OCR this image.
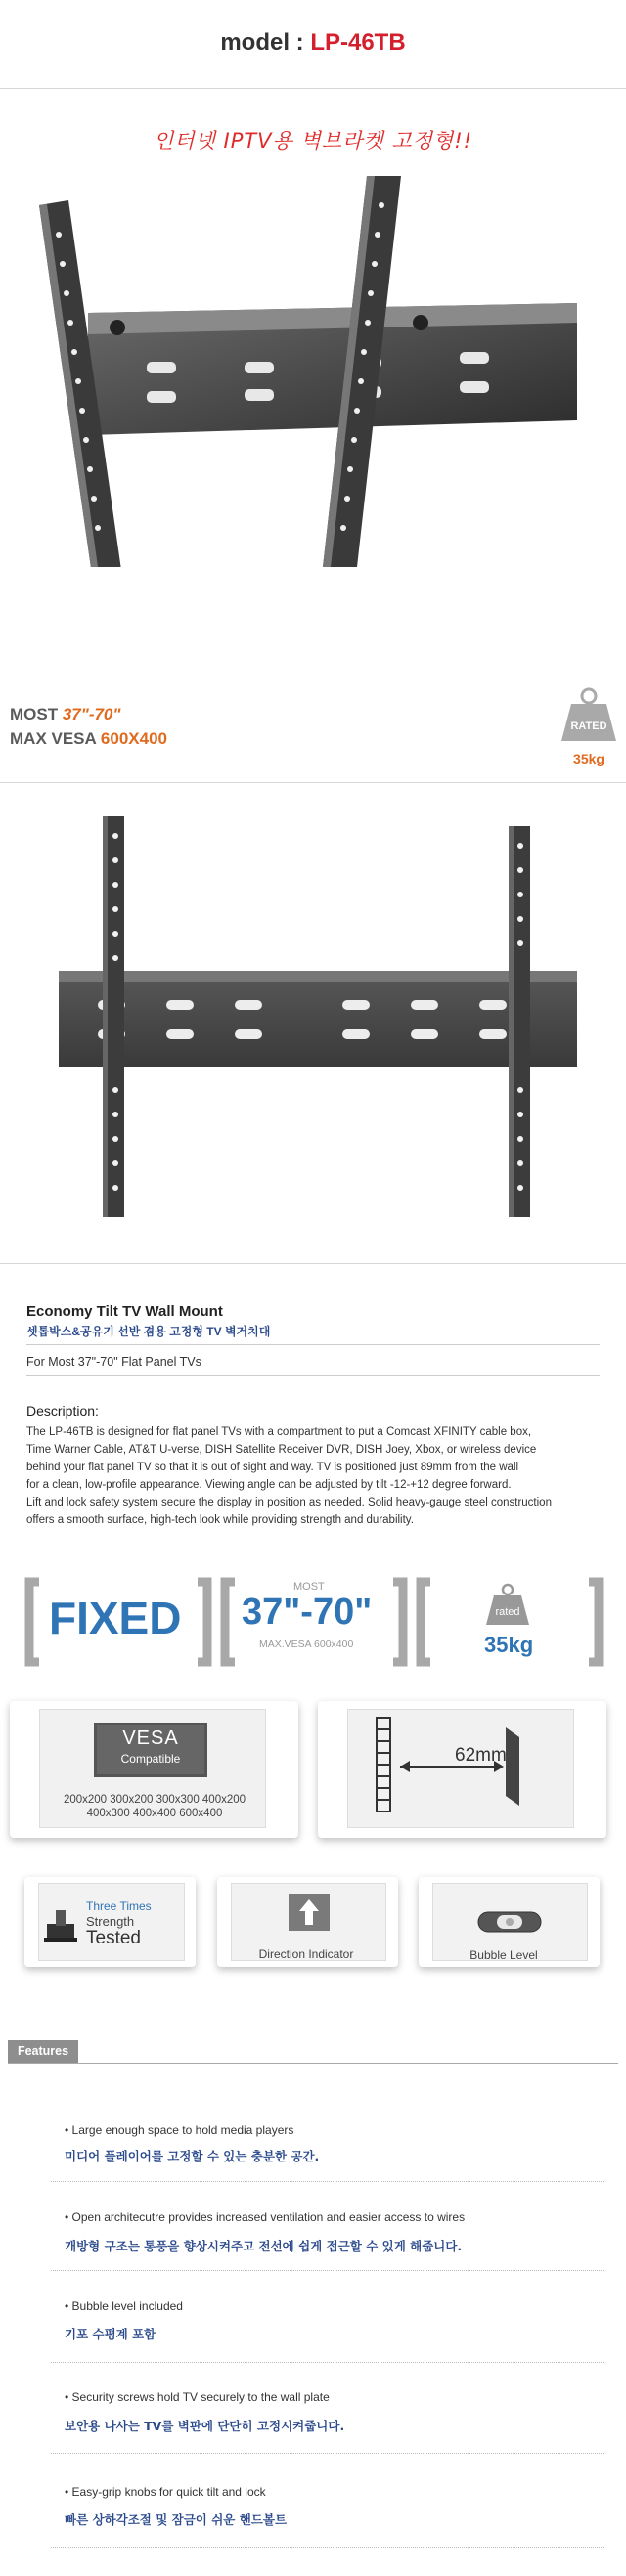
model : LP-46TB
인터넷 IPTV용 벽브라켓 고정형!!
MOST 37"-70"
MAX VESA 600X400
RATED
35kg
Economy Tilt TV Wall Mount
셋톱박스&공유기 선반 겸용 고정형 TV 벽거치대
For Most 37"-70" Flat Panel TVs
Description:
The LP-46TB is designed for flat panel TVs with a compartment to put a Comcast XFINITY cable box,
Time Warner Cable, AT&T U-verse, DISH Satellite Receiver DVR, DISH Joey, Xbox, or wireless device
behind your flat panel TV so that it is out of sight and way. TV is positioned just 89mm from the wall
for a clean, low-profile appearance. Viewing angle can be adjusted by tilt -12-+12 degree forward.
Lift and lock safety system secure the display in position as needed. Solid heavy-gauge steel construction
offers a smooth surface, high-tech look while providing strength and durability.
FIXED
MOST
37"-70"
MAX.VESA 600x400
rated
35kg
VESA
Compatible
200x200 300x200 300x300 400x200
400x300 400x400 600x400
62mm
Three Times
Strength
Tested
Direction Indicator	Bubble Level
Features
• Large enough space to hold media players
미디어 플레이어를 고정할 수 있는 충분한 공간.
• Open architecutre provides increased ventilation and easier access to wires
개방형 구조는 통풍을 향상시켜주고 전선에 쉽게 접근할 수 있게 해줍니다.
• Bubble level included
기포 수평계 포함
• Security screws hold TV securely to the wall plate
보안용 나사는 TV를 벽판에 단단히 고정시켜줍니다.
• Easy-grip knobs for quick tilt and lock
빠른 상하각조절 및 잠금이 쉬운 핸드볼트
